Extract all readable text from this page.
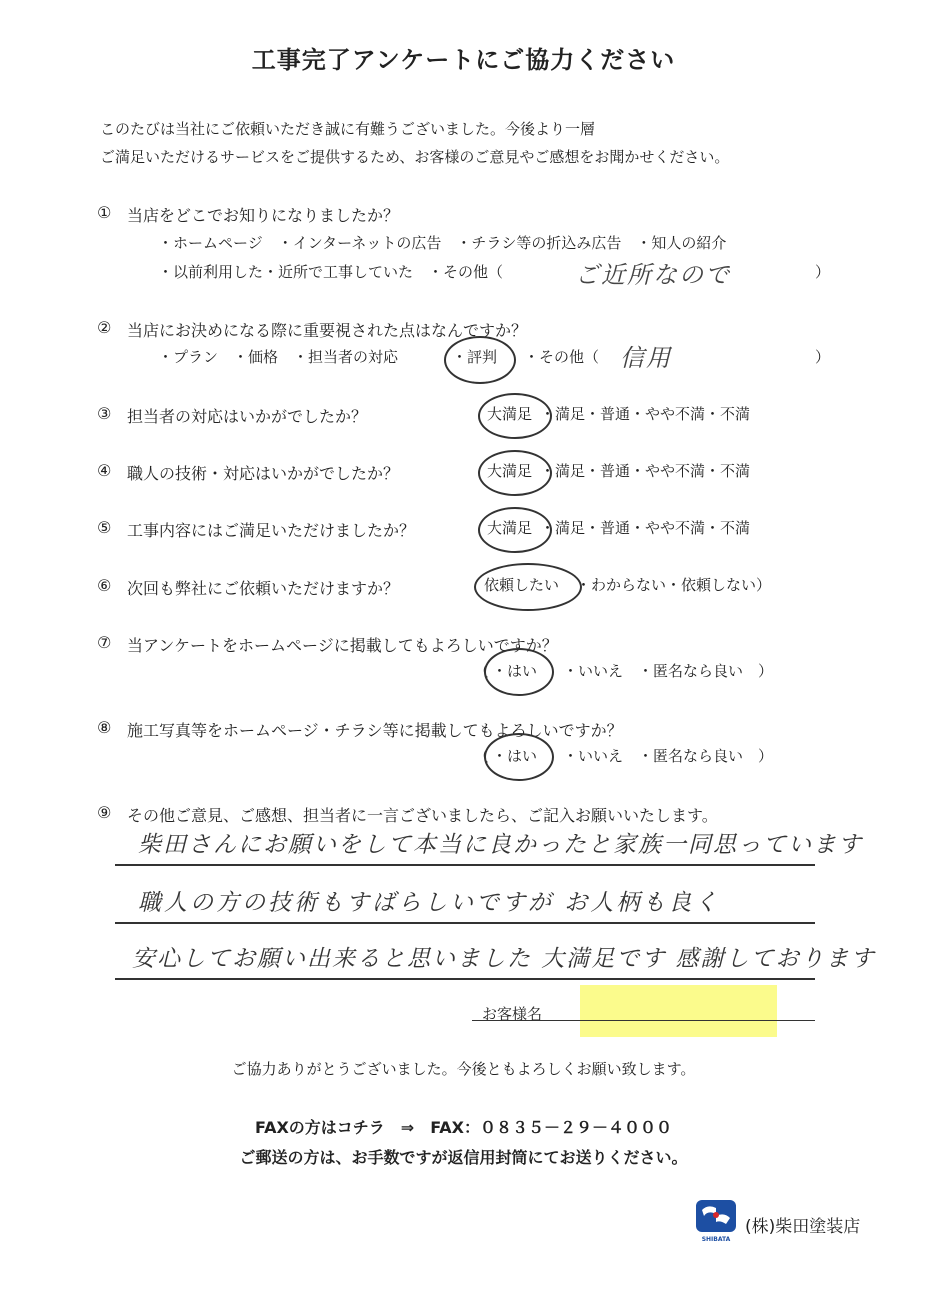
工事完了アンケートにご協力ください
このたびは当社にご依頼いただき誠に有難うございました。今後より一層
ご満足いただけるサービスをご提供するため、お客様のご意見やご感想をお聞かせください。
① 当店をどこでお知りになりましたか？
・ホームページ　・インターネットの広告　・チラシ等の折込み広告　・知人の紹介
・以前利用した・近所で工事していた　・その他（	ご近所なので	）
② 当店にお決めになる際に重要視された点はなんですか？
・プラン　・価格　・担当者の対応　	・評判 ・その他（ 信用	）
③ 担当者の対応はいかがでしたか？	大満足 ・満足・普通・やや不満・不満
④ 職人の技術・対応はいかがでしたか？	大満足 ・満足・普通・やや不満・不満
⑤ 工事内容にはご満足いただけましたか？	大満足 ・満足・普通・やや不満・不満
⑥ 次回も弊社にご依頼いただけますか？	依頼したい ・わからない・依頼しない）
⑦ 当アンケートをホームページに掲載してもよろしいですか？
（ ・はい ・いいえ　・匿名なら良い　）
⑧ 施工写真等をホームページ・チラシ等に掲載してもよろしいですか？
（ ・はい ・いいえ　・匿名なら良い　）
⑨ その他ご意見、ご感想、担当者に一言ございましたら、ご記入お願いいたします。
柴田さんにお願いをして本当に良かったと家族一同思っています
職人の方の技術もすばらしいですが お人柄も良く
安心してお願い出来ると思いました 大満足です 感謝しております
お客様名
ご協力ありがとうございました。今後ともよろしくお願い致します。
FAXの方はコチラ　⇒　FAX：０８３５－２９－４０００
ご郵送の方は、お手数ですが返信用封筒にてお送りください。
SHIBATA
(株)柴田塗装店
